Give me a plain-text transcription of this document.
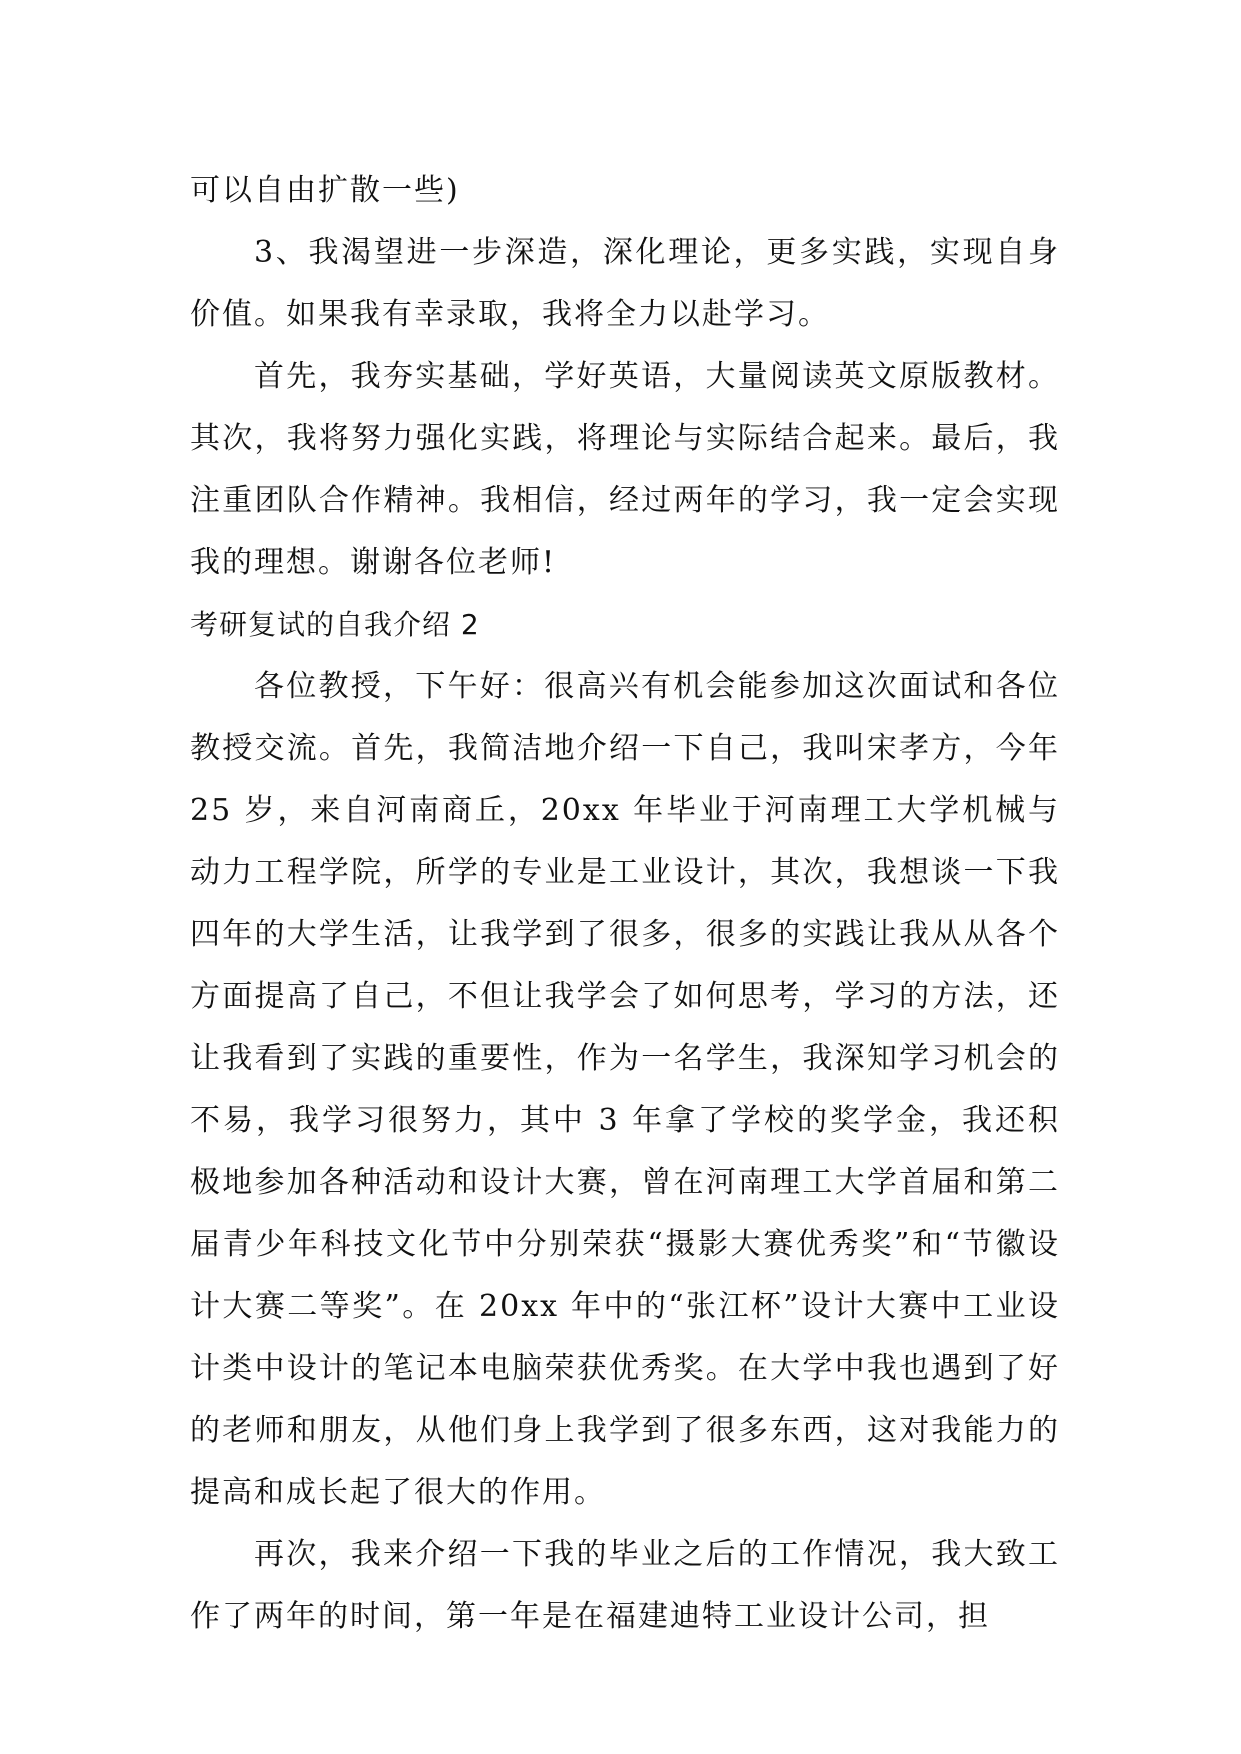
可以自由扩散一些)

3、我渴望进一步深造，深化理论，更多实践，实现自身价值。如果我有幸录取，我将全力以赴学习。

首先，我夯实基础，学好英语，大量阅读英文原版教材。其次，我将努力强化实践，将理论与实际结合起来。最后，我注重团队合作精神。我相信，经过两年的学习，我一定会实现我的理想。谢谢各位老师!

考研复试的自我介绍 2

各位教授，下午好：很高兴有机会能参加这次面试和各位教授交流。首先，我简洁地介绍一下自己，我叫宋孝方，今年 25 岁，来自河南商丘，20xx 年毕业于河南理工大学机械与动力工程学院，所学的专业是工业设计，其次，我想谈一下我四年的大学生活，让我学到了很多，很多的实践让我从从各个方面提高了自己，不但让我学会了如何思考，学习的方法，还让我看到了实践的重要性，作为一名学生，我深知学习机会的不易，我学习很努力，其中 3 年拿了学校的奖学金，我还积极地参加各种活动和设计大赛，曾在河南理工大学首届和第二届青少年科技文化节中分别荣获“摄影大赛优秀奖”和“节徽设计大赛二等奖”。在 20xx 年中的“张江杯”设计大赛中工业设计类中设计的笔记本电脑荣获优秀奖。在大学中我也遇到了好的老师和朋友，从他们身上我学到了很多东西，这对我能力的提高和成长起了很大的作用。

再次，我来介绍一下我的毕业之后的工作情况，我大致工作了两年的时间，第一年是在福建迪特工业设计公司，担
